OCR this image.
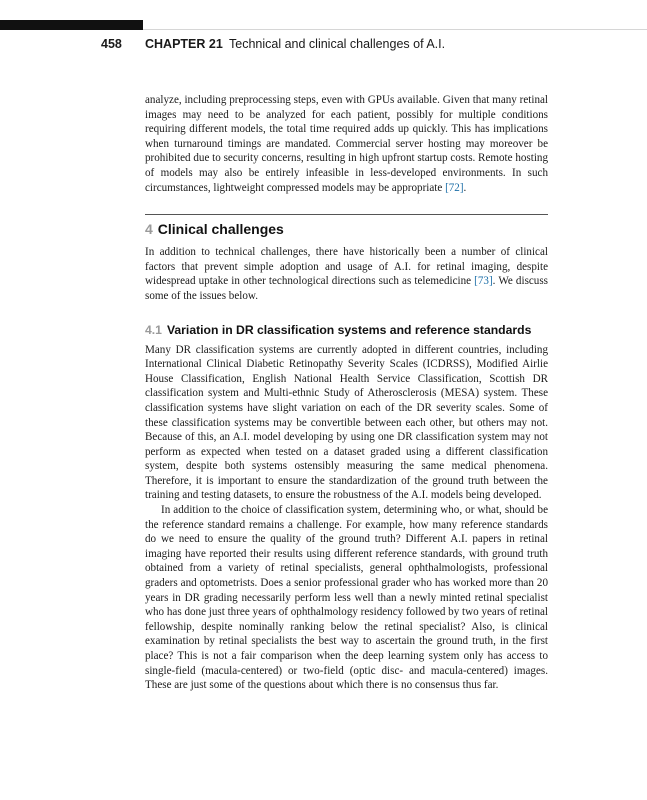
458 CHAPTER 21 Technical and clinical challenges of A.I.

analyze, including preprocessing steps, even with GPUs available. Given that many retinal images may need to be analyzed for each patient, possibly for multiple conditions requiring different models, the total time required adds up quickly. This has implications when turnaround timings are mandated. Commercial server hosting may moreover be prohibited due to security concerns, resulting in high upfront startup costs. Remote hosting of models may also be entirely infeasible in less-developed environments. In such circumstances, lightweight compressed models may be appropriate [72].

4 Clinical challenges

In addition to technical challenges, there have historically been a number of clinical factors that prevent simple adoption and usage of A.I. for retinal imaging, despite widespread uptake in other technological directions such as telemedicine [73]. We discuss some of the issues below.

4.1 Variation in DR classification systems and reference standards

Many DR classification systems are currently adopted in different countries, including International Clinical Diabetic Retinopathy Severity Scales (ICDRSS), Modified Airlie House Classification, English National Health Service Classification, Scottish DR classification system and Multi-ethnic Study of Atherosclerosis (MESA) system. These classification systems have slight variation on each of the DR severity scales. Some of these classification systems may be convertible between each other, but others may not. Because of this, an A.I. model developing by using one DR classification system may not perform as expected when tested on a dataset graded using a different classification system, despite both systems ostensibly measuring the same medical phenomena. Therefore, it is important to ensure the standardization of the ground truth between the training and testing datasets, to ensure the robustness of the A.I. models being developed.

In addition to the choice of classification system, determining who, or what, should be the reference standard remains a challenge. For example, how many reference standards do we need to ensure the quality of the ground truth? Different A.I. papers in retinal imaging have reported their results using different reference standards, with ground truth obtained from a variety of retinal specialists, general ophthalmologists, professional graders and optometrists. Does a senior professional grader who has worked more than 20 years in DR grading necessarily perform less well than a newly minted retinal specialist who has done just three years of ophthalmology residency followed by two years of retinal fellowship, despite nominally ranking below the retinal specialist? Also, is clinical examination by retinal specialists the best way to ascertain the ground truth, in the first place? This is not a fair comparison when the deep learning system only has access to single-field (macula-centered) or two-field (optic disc- and macula-centered) images. These are just some of the questions about which there is no consensus thus far.
